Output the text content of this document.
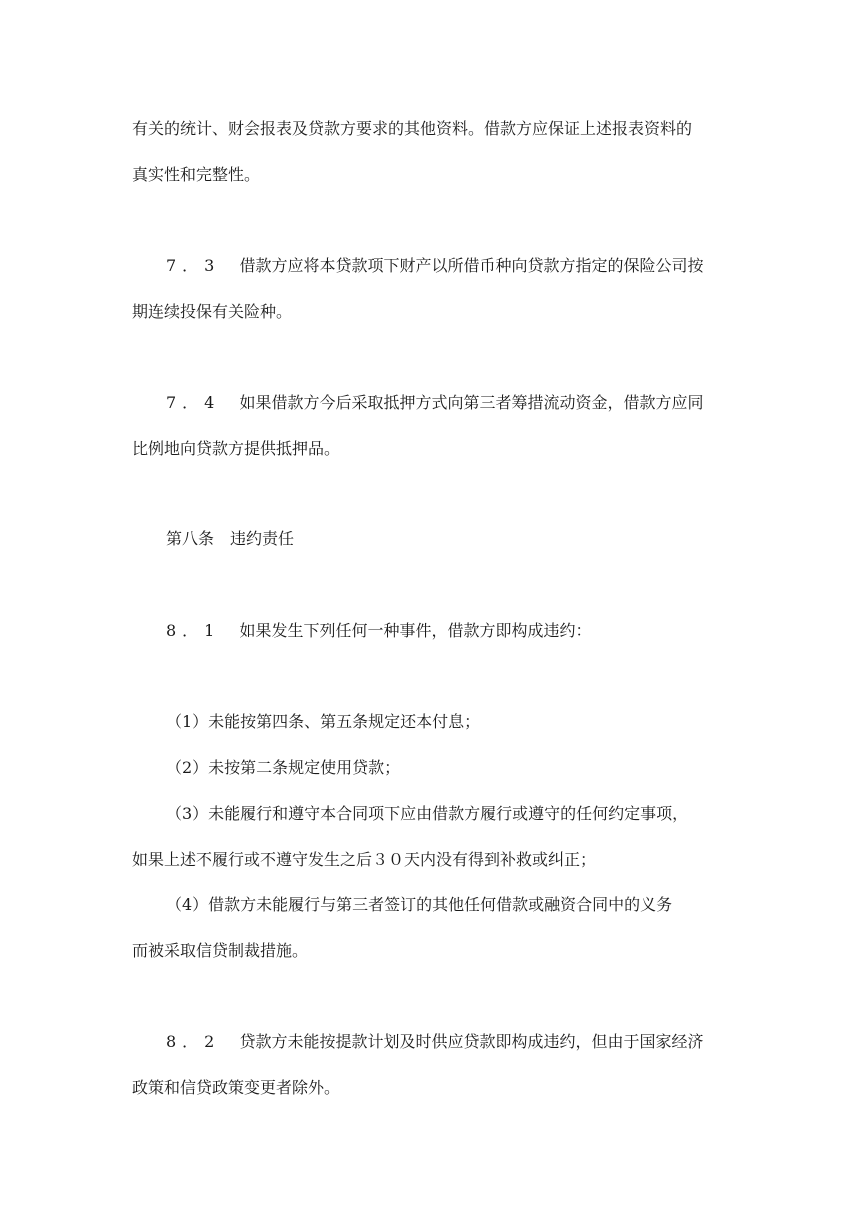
有关的统计、财会报表及贷款方要求的其他资料。借款方应保证上述报表资料的
真实性和完整性。
7．3 借款方应将本贷款项下财产以所借币种向贷款方指定的保险公司按
期连续投保有关险种。
7．4 如果借款方今后采取抵押方式向第三者筹措流动资金，借款方应同
比例地向贷款方提供抵押品。
第八条　违约责任
8．1 如果发生下列任何一种事件，借款方即构成违约：
（1）未能按第四条、第五条规定还本付息；
（2）未按第二条规定使用贷款；
（3）未能履行和遵守本合同项下应由借款方履行或遵守的任何约定事项，
如果上述不履行或不遵守发生之后３０天内没有得到补救或纠正；
（4）借款方未能履行与第三者签订的其他任何借款或融资合同中的义务
而被采取信贷制裁措施。
8．2 贷款方未能按提款计划及时供应贷款即构成违约，但由于国家经济
政策和信贷政策变更者除外。
